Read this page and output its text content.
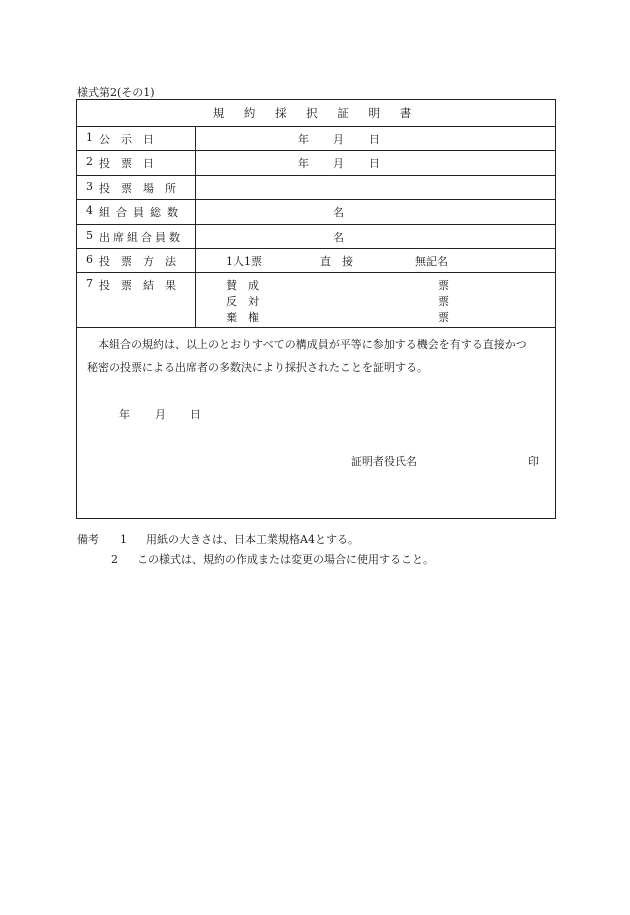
様式第2(その1)
規 約 採 択 証 明 書
1 公　示　日	年 月 日
2 投　票　日	年 月 日
3 投票場所
4 組合員総数	名
5 出席組合員数	名
6 投票方法	1人1票	直　接	無記名
7 投票結果	賛　成	票
反　対	票
棄　権	票
本組合の規約は、以上のとおりすべての構成員が平等に参加する機会を有する直接かつ
秘密の投票による出席者の多数決により採択されたことを証明する。
年 月 日
証明者役氏名	印
備考 1 用紙の大きさは、日本工業規格A4とする。
2 この様式は、規約の作成または変更の場合に使用すること。
